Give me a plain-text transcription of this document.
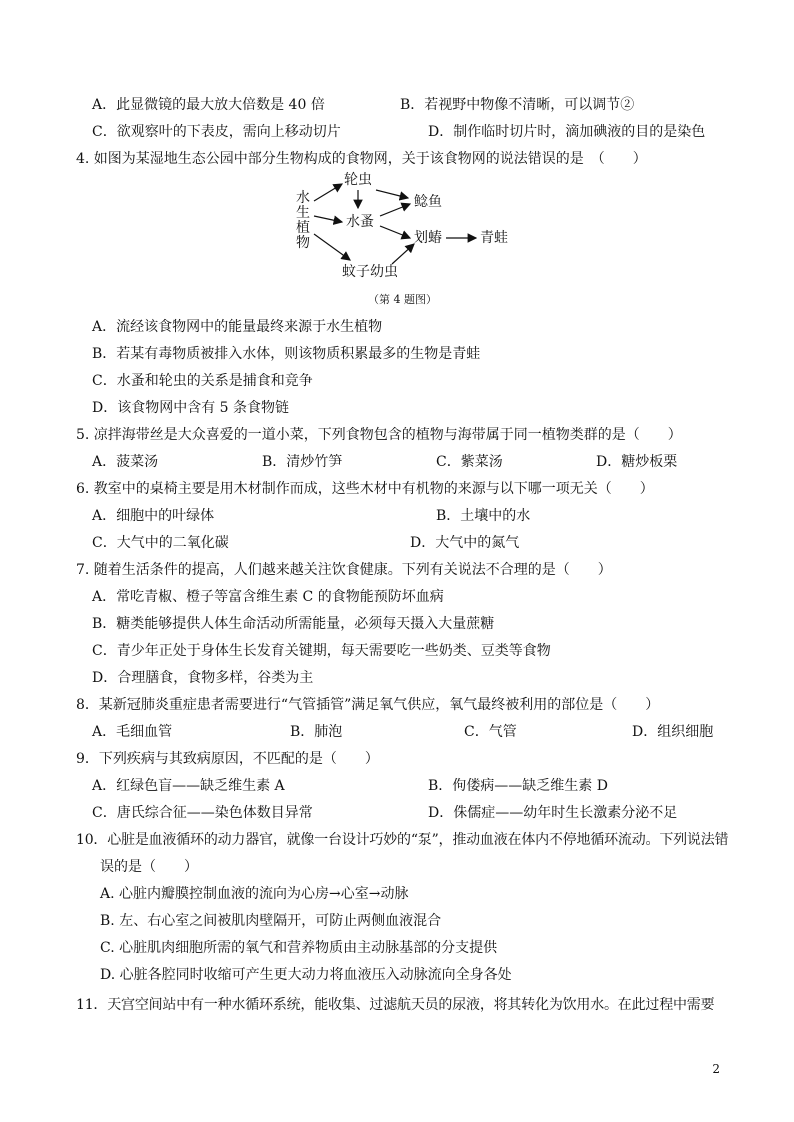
A．此显微镜的最大放大倍数是 40 倍	B．若视野中物像不清晰，可以调节②
C．欲观察叶的下表皮，需向上移动切片	D．制作临时切片时，滴加碘液的目的是染色
4. 如图为某湿地生态公园中部分生物构成的食物网，关于该食物网的说法错误的是　（　　）
水
生
植
物
轮虫
水蚤
鲶鱼
划蝽	青蛙
蚊子幼虫
（第 4 题图）
A．流经该食物网中的能量最终来源于水生植物
B．若某有毒物质被排入水体，则该物质积累最多的生物是青蛙
C．水蚤和轮虫的关系是捕食和竞争
D．该食物网中含有 5 条食物链
5. 凉拌海带丝是大众喜爱的一道小菜，下列食物包含的植物与海带属于同一植物类群的是（　　）
A．菠菜汤	B．清炒竹笋	C．紫菜汤	D．糖炒板栗
6. 教室中的桌椅主要是用木材制作而成，这些木材中有机物的来源与以下哪一项无关（　　）
A．细胞中的叶绿体	B．土壤中的水
C．大气中的二氧化碳	D．大气中的氮气
7. 随着生活条件的提高，人们越来越关注饮食健康。下列有关说法不合理的是（　　）
A．常吃青椒、橙子等富含维生素 C 的食物能预防坏血病
B．糖类能够提供人体生命活动所需能量，必须每天摄入大量蔗糖
C．青少年正处于身体生长发育关键期，每天需要吃一些奶类、豆类等食物
D．合理膳食，食物多样，谷类为主
8．某新冠肺炎重症患者需要进行“气管插管”满足氧气供应，氧气最终被利用的部位是（　　）
A．毛细血管	B．肺泡	C．气管	D．组织细胞
9．下列疾病与其致病原因，不匹配的是（　　）
A．红绿色盲——缺乏维生素 A	B．佝偻病——缺乏维生素 D
C．唐氏综合征——染色体数目异常	D．侏儒症——幼年时生长激素分泌不足
10．心脏是血液循环的动力器官，就像一台设计巧妙的“泵”，推动血液在体内不停地循环流动。下列说法错
误的是（　　）
A. 心脏内瓣膜控制血液的流向为心房→心室→动脉
B. 左、右心室之间被肌肉壁隔开，可防止两侧血液混合
C. 心脏肌肉细胞所需的氧气和营养物质由主动脉基部的分支提供
D. 心脏各腔同时收缩可产生更大动力将血液压入动脉流向全身各处
11．天宫空间站中有一种水循环系统，能收集、过滤航天员的尿液，将其转化为饮用水。在此过程中需要
2
